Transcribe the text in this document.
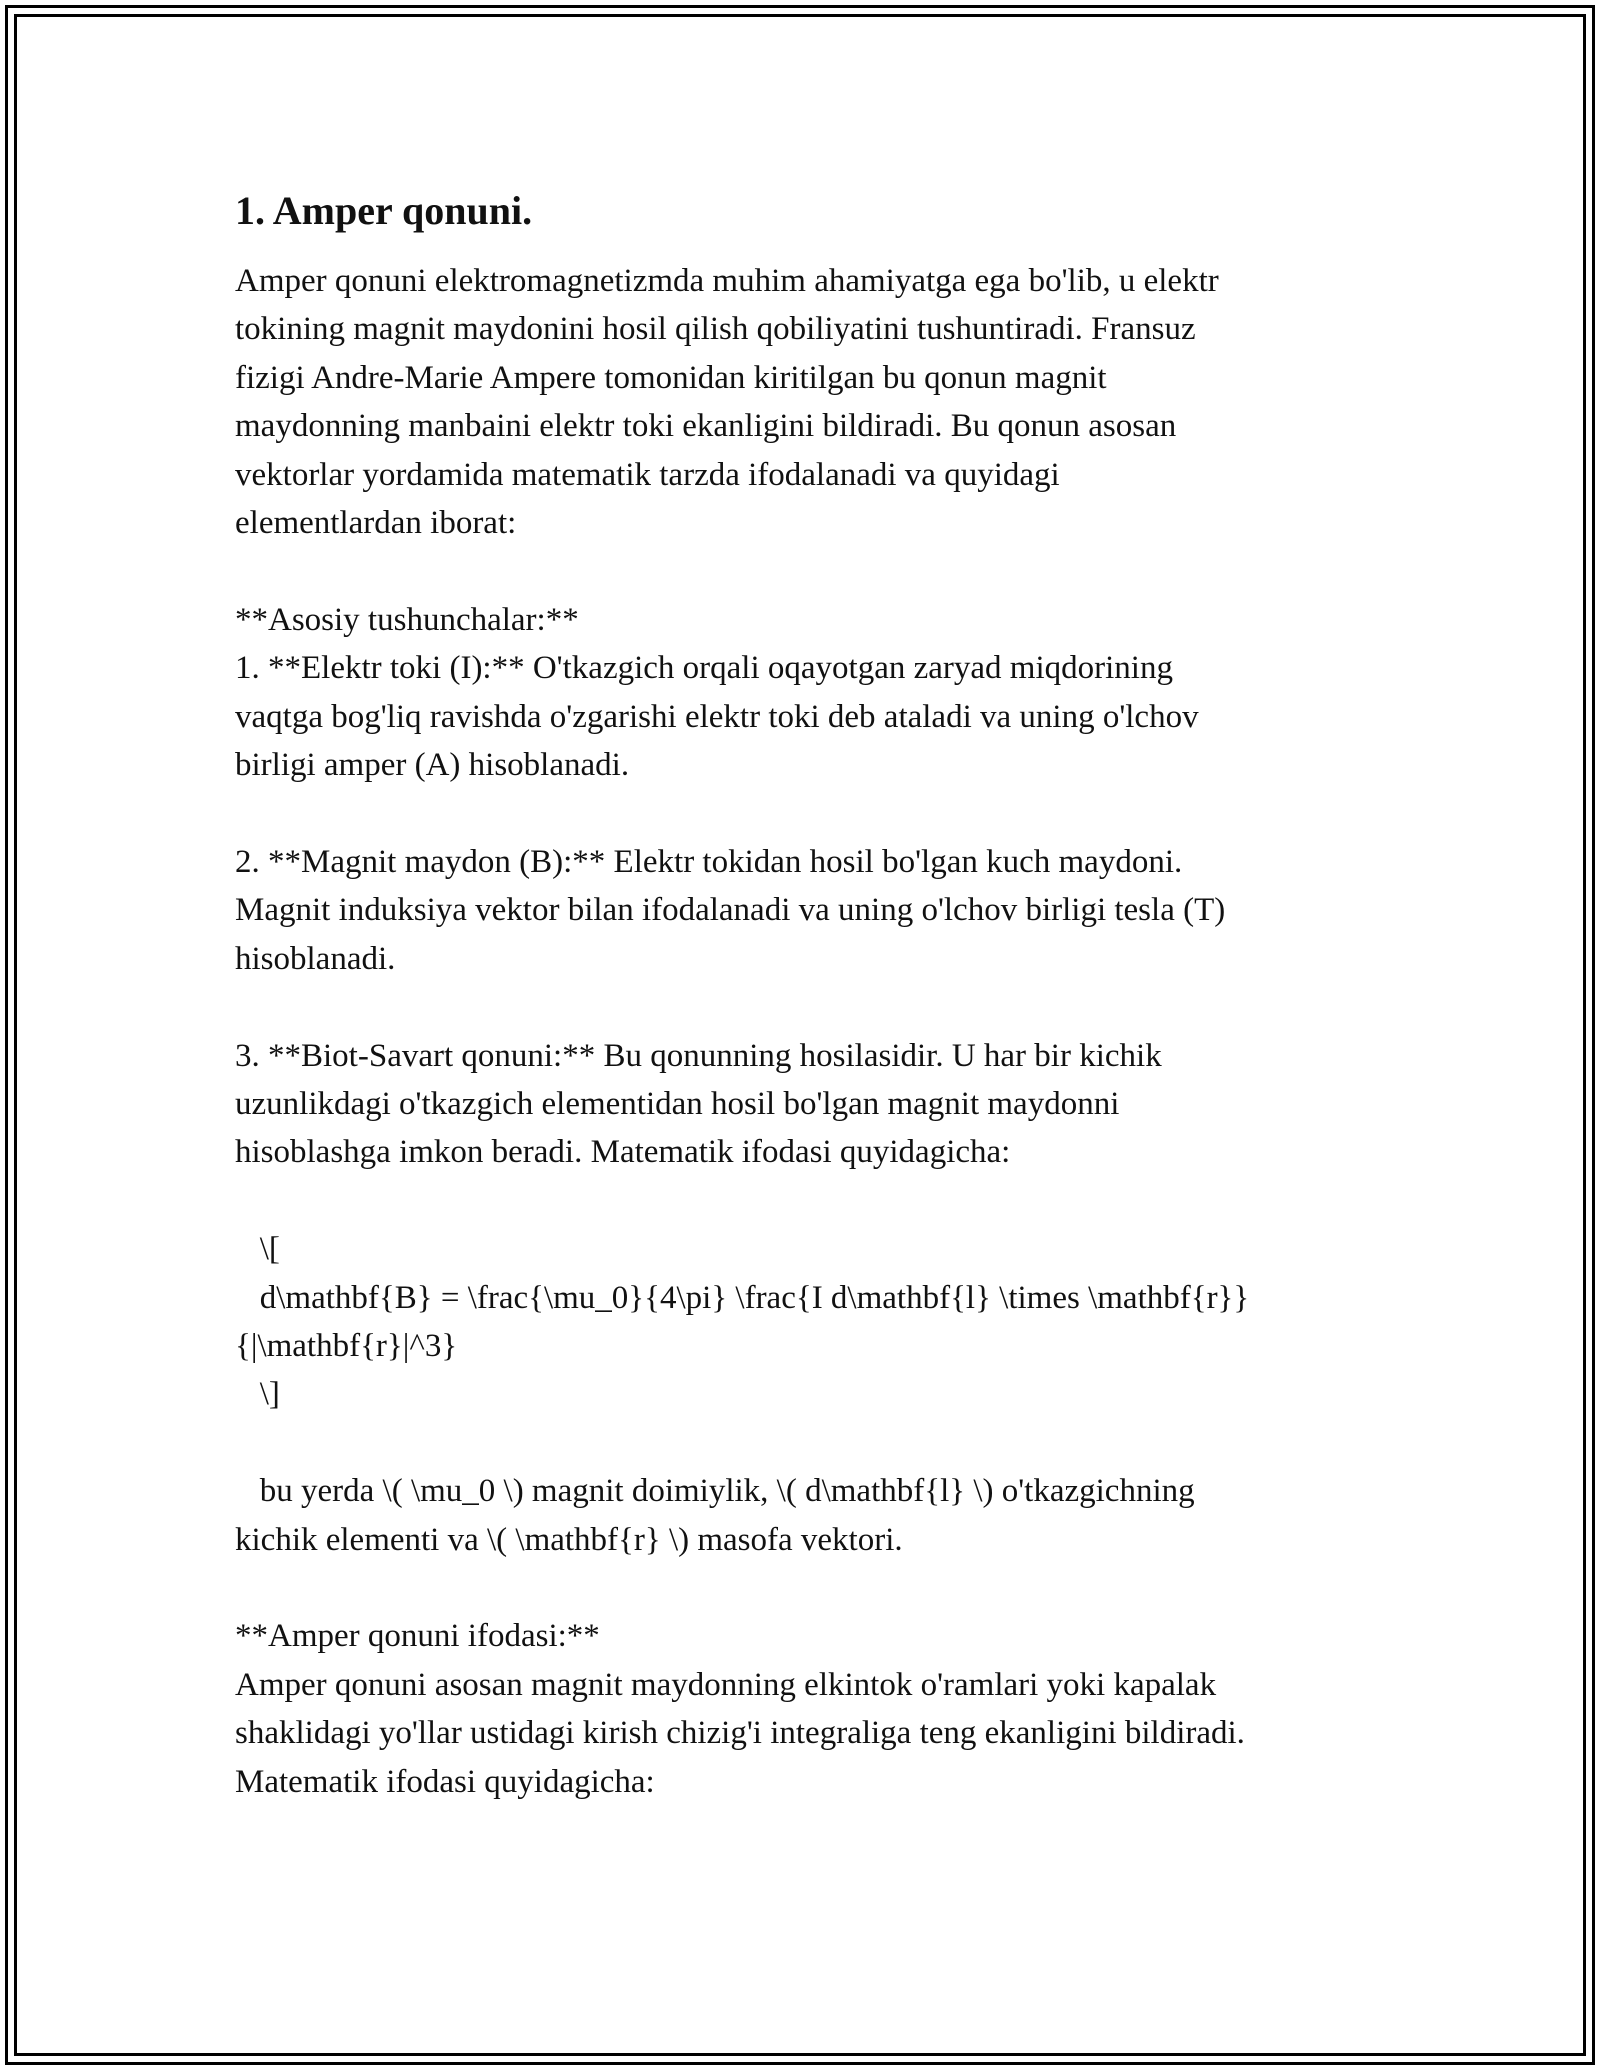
1. Amper qonuni.

Amper qonuni elektromagnetizmda muhim ahamiyatga ega bo'lib, u elektr
tokining magnit maydonini hosil qilish qobiliyatini tushuntiradi. Fransuz
fizigi Andre-Marie Ampere tomonidan kiritilgan bu qonun magnit
maydonning manbaini elektr toki ekanligini bildiradi. Bu qonun asosan
vektorlar yordamida matematik tarzda ifodalanadi va quyidagi
elementlardan iborat:

**Asosiy tushunchalar:**
1. **Elektr toki (I):** O'tkazgich orqali oqayotgan zaryad miqdorining
vaqtga bog'liq ravishda o'zgarishi elektr toki deb ataladi va uning o'lchov
birligi amper (A) hisoblanadi.

2. **Magnit maydon (B):** Elektr tokidan hosil bo'lgan kuch maydoni.
Magnit induksiya vektor bilan ifodalanadi va uning o'lchov birligi tesla (T)
hisoblanadi.

3. **Biot-Savart qonuni:** Bu qonunning hosilasidir. U har bir kichik
uzunlikdagi o'tkazgich elementidan hosil bo'lgan magnit maydonni
hisoblashga imkon beradi. Matematik ifodasi quyidagicha:

\[
d\mathbf{B} = \frac{\mu_0}{4\pi} \frac{I d\mathbf{l} \times \mathbf{r}}
{|\mathbf{r}|^3}
\]

bu yerda \( \mu_0 \) magnit doimiylik, \( d\mathbf{l} \) o'tkazgichning
kichik elementi va \( \mathbf{r} \) masofa vektori.

**Amper qonuni ifodasi:**
Amper qonuni asosan magnit maydonning elkintok o'ramlari yoki kapalak
shaklidagi yo'llar ustidagi kirish chizig'i integraliga teng ekanligini bildiradi.
Matematik ifodasi quyidagicha:
